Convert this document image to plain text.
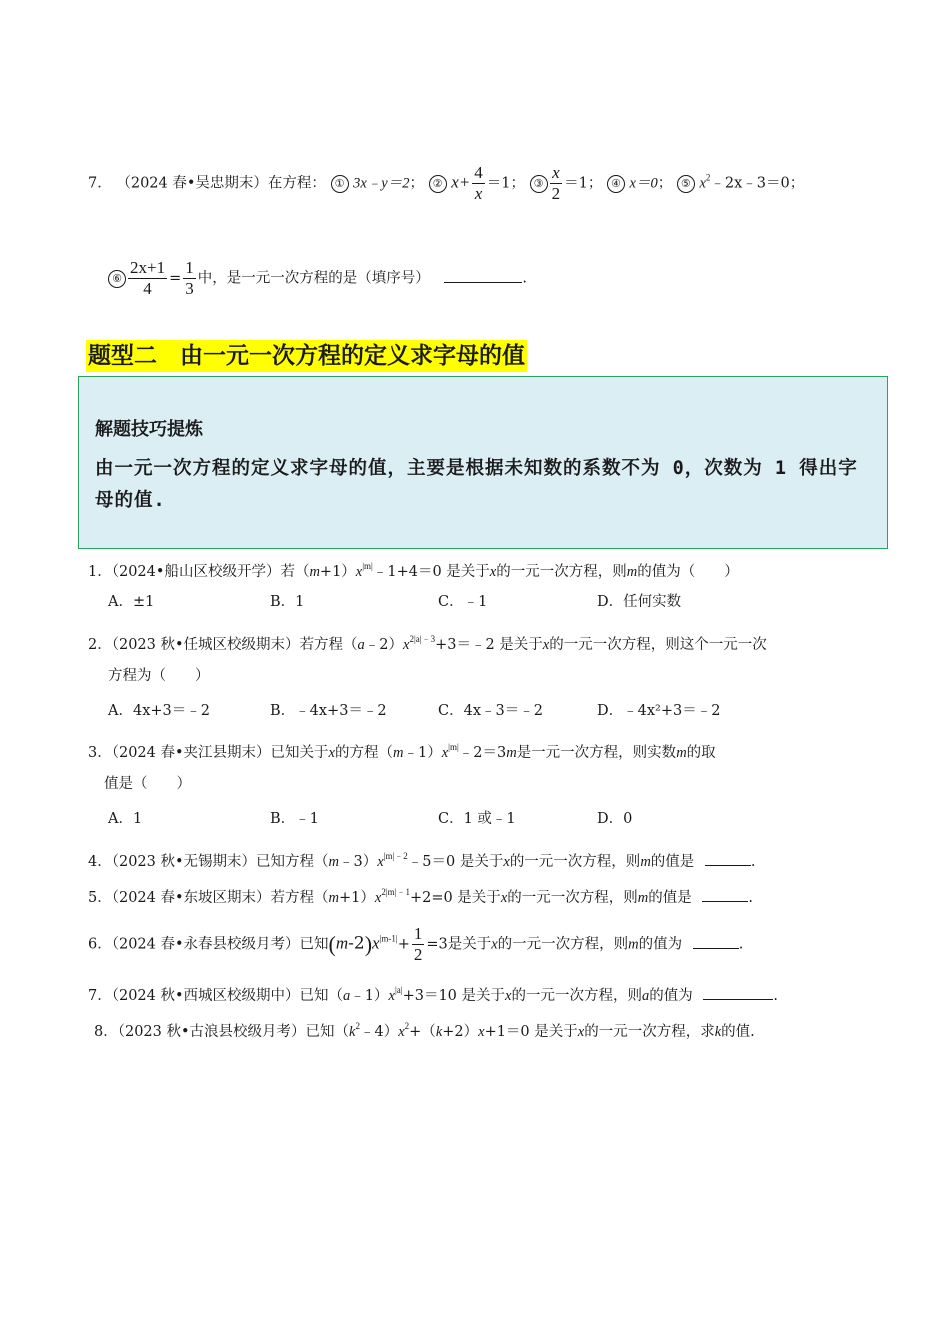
7． （2024 春•吴忠期末）在方程： ① 3x﹣y＝2； ② $x+ \frac{4}{x} =1$； ③ $\frac{x}{2} =1$； ④ x＝0； ⑤ $x^2﹣2x﹣3=0$；
⑥ $\frac{2x+1}{4} = \frac{1}{3}$ 中，是一元一次方程的是（填序号）	.
题型二　由一元一次方程的定义求字母的值
解题技巧提炼
由一元一次方程的定义求字母的值，主要是根据未知数的系数不为 0，次数为 1 得出字母的值.
1．（2024•船山区校级开学）若$(m+1)x^{|m|}﹣1+4=0$ 是关于x的一元一次方程，则m的值为（　　）
A．±1	B．1	C．﹣1	D．任何实数
2．（2023 秋•任城区校级期末）若方程$(a﹣2)x^{2|a|﹣3}+3=﹣2$ 是关于x的一元一次方程，则这个一元一次
方程为（　　）
A．4x+3＝﹣2	B．﹣4x+3＝﹣2	C．4x﹣3＝﹣2	D．﹣4x²+3＝﹣2
3．（2024 春•夹江县期末）已知关于x的方程$(m﹣1)x^{|m|}﹣2=3m$是一元一次方程，则实数m的取
值是（　　）
A．1	B．﹣1	C．1 或﹣1	D．0
4．（2023 秋•无锡期末）已知方程$(m﹣3)x^{|m|﹣2}﹣5=0$ 是关于x的一元一次方程，则m的值是	.
5．（2024 春•东坡区期末）若方程$(m+1)x^{2|m|﹣1}+2=0$ 是关于x的一元一次方程，则m的值是	.
6．（2024 春•永春县校级月考）已知$(m-2)x^{|m-1|}+ \frac{1}{2} =3$是关于x的一元一次方程，则m的值为	.
7．（2024 秋•西城区校级期中）已知$(a﹣1)x^{|a|}+3=10$ 是关于x的一元一次方程，则a的值为	.
8．（2023 秋•古浪县校级月考）已知$(k^2﹣4)x^2+(k+2)x+1=0$ 是关于x的一元一次方程，求k的值.
